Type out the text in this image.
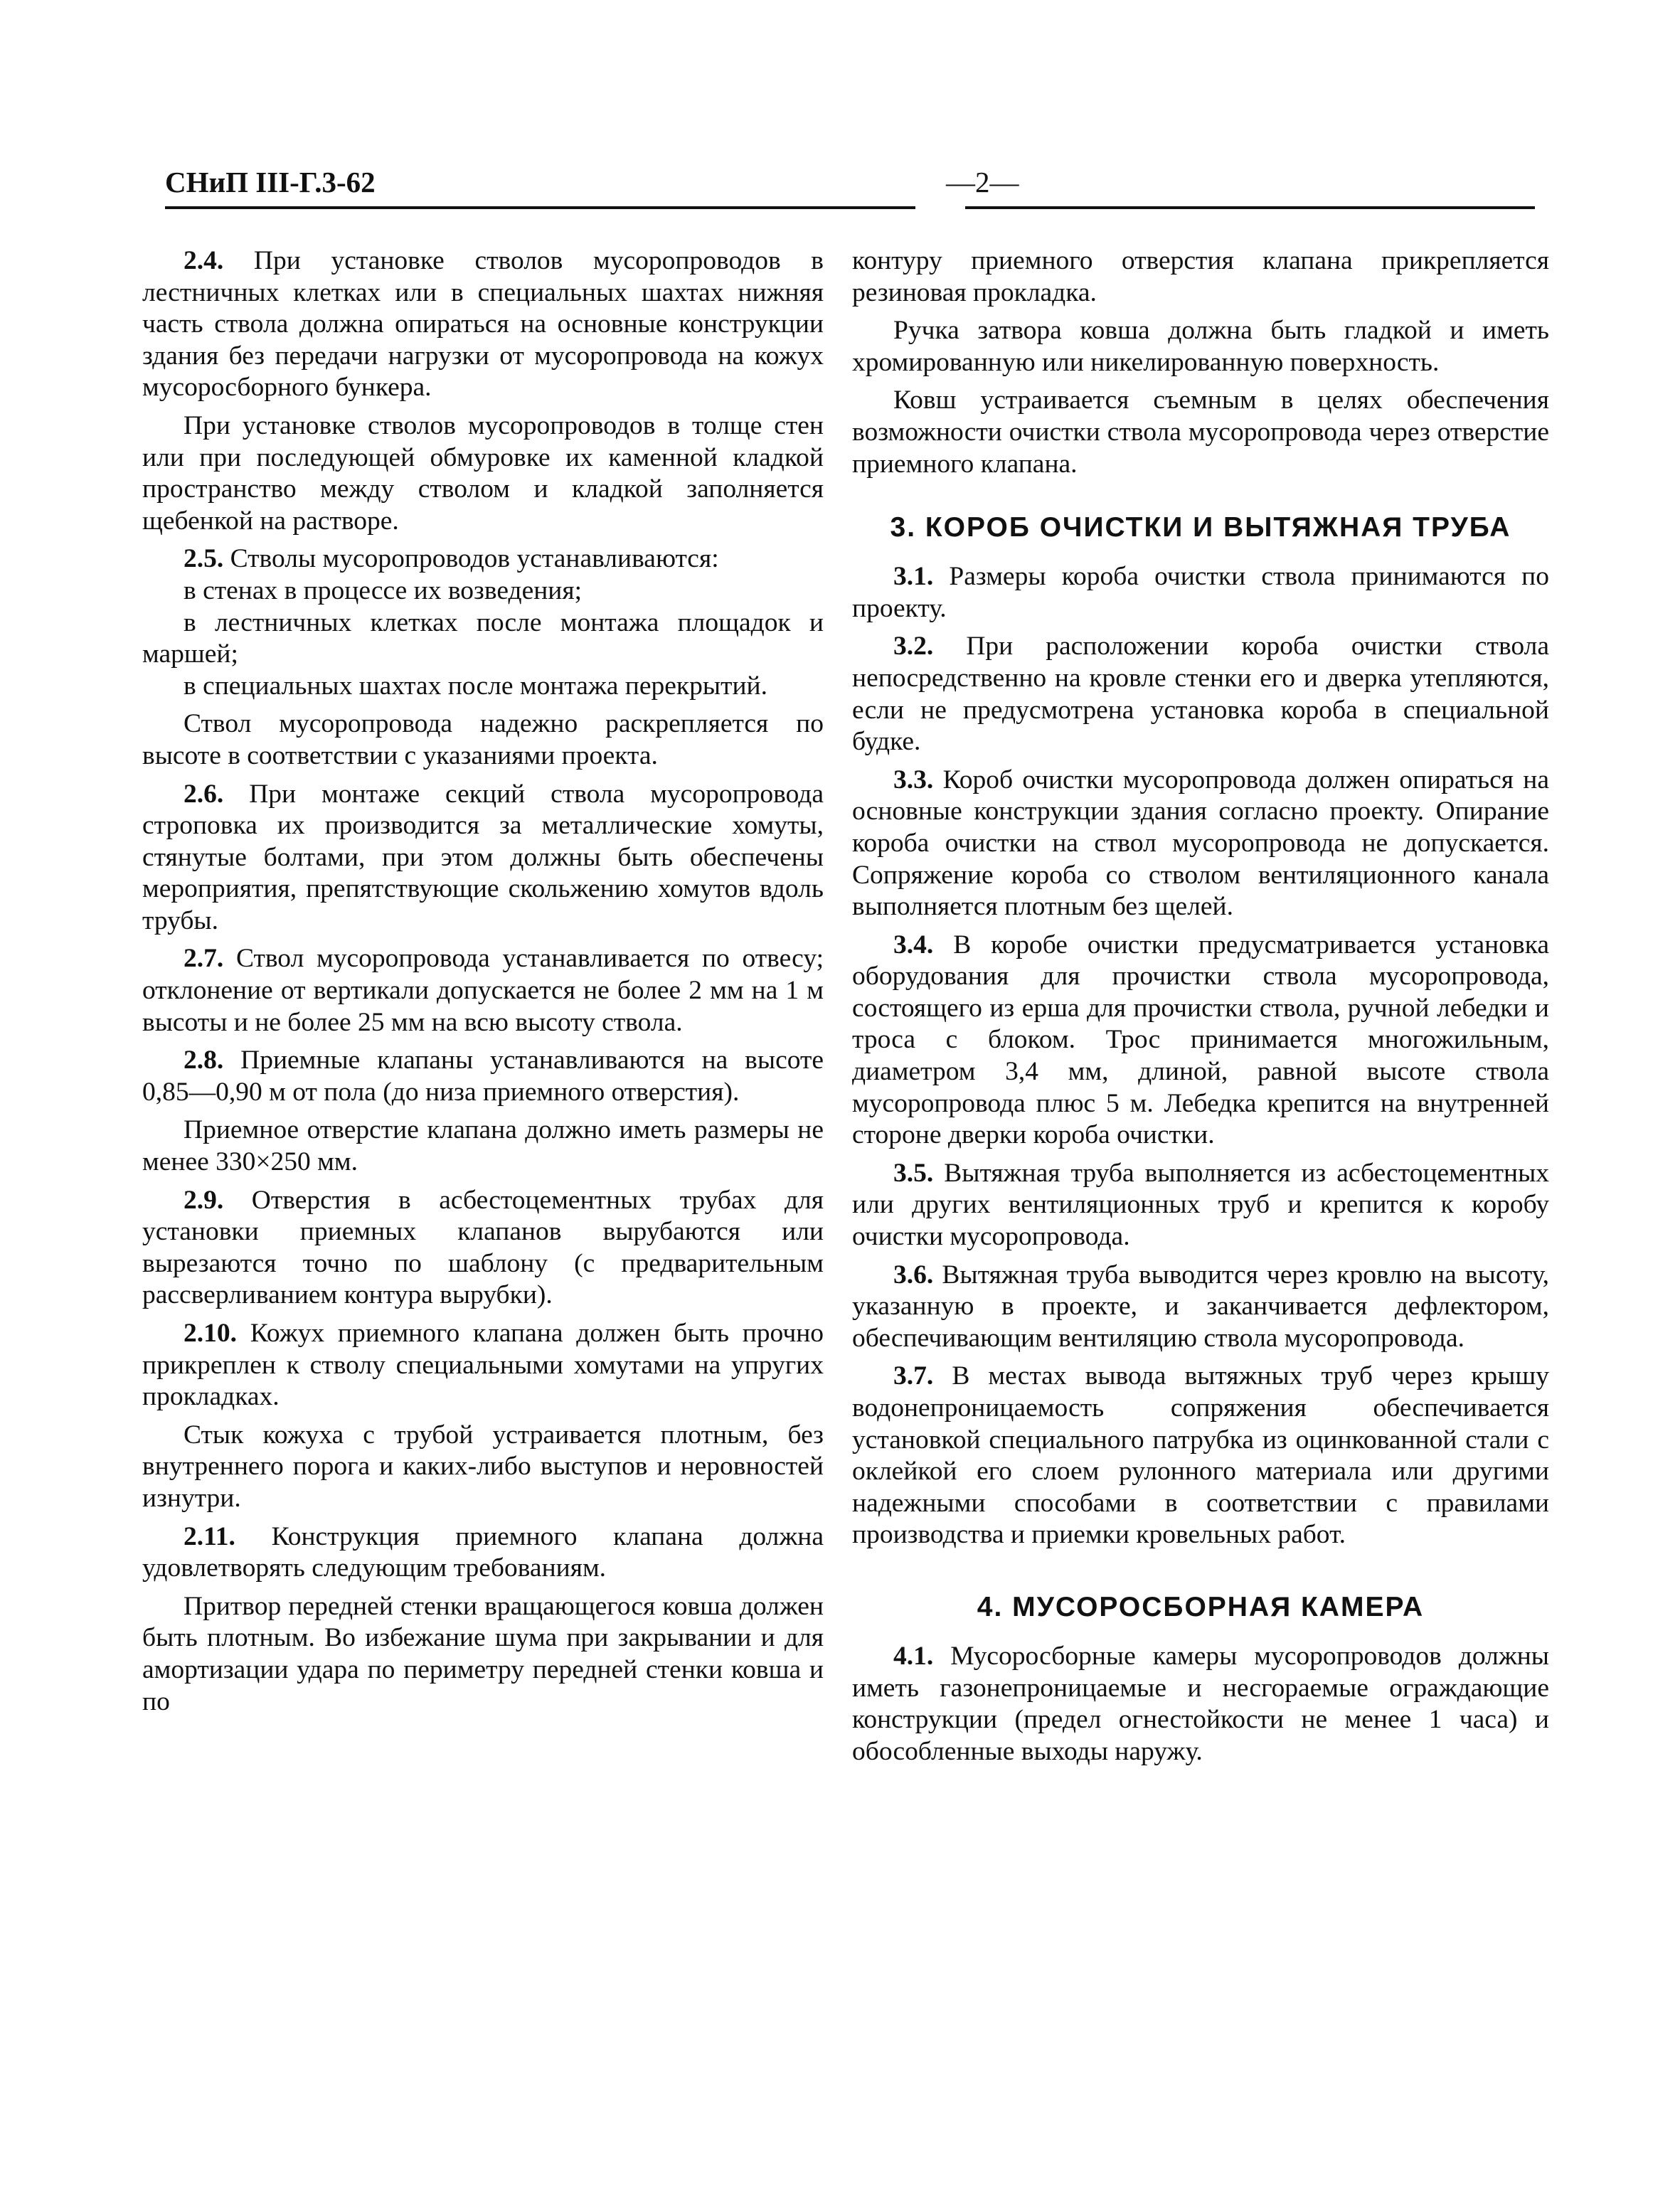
СНиП III-Г.3-62	—2—

2.4. При установке стволов мусоропроводов в лестничных клетках или в специальных шахтах нижняя часть ствола должна опираться на основные конструкции здания без передачи нагрузки от мусоропровода на кожух мусоросборного бункера.

При установке стволов мусоропроводов в толще стен или при последующей обмуровке их каменной кладкой пространство между стволом и кладкой заполняется щебенкой на растворе.

2.5. Стволы мусоропроводов устанавливаются:

в стенах в процессе их возведения;

в лестничных клетках после монтажа площадок и маршей;

в специальных шахтах после монтажа перекрытий.

Ствол мусоропровода надежно раскрепляется по высоте в соответствии с указаниями проекта.

2.6. При монтаже секций ствола мусоропровода строповка их производится за металлические хомуты, стянутые болтами, при этом должны быть обеспечены мероприятия, препятствующие скольжению хомутов вдоль трубы.

2.7. Ствол мусоропровода устанавливается по отвесу; отклонение от вертикали допускается не более 2 мм на 1 м высоты и не более 25 мм на всю высоту ствола.

2.8. Приемные клапаны устанавливаются на высоте 0,85—0,90 м от пола (до низа приемного отверстия).

Приемное отверстие клапана должно иметь размеры не менее 330×250 мм.

2.9. Отверстия в асбестоцементных трубах для установки приемных клапанов вырубаются или вырезаются точно по шаблону (с предварительным рассверливанием контура вырубки).

2.10. Кожух приемного клапана должен быть прочно прикреплен к стволу специальными хомутами на упругих прокладках.

Стык кожуха с трубой устраивается плотным, без внутреннего порога и каких-либо выступов и неровностей изнутри.

2.11. Конструкция приемного клапана должна удовлетворять следующим требованиям.

Притвор передней стенки вращающегося ковша должен быть плотным. Во избежание шума при закрывании и для амортизации удара по периметру передней стенки ковша и по

контуру приемного отверстия клапана прикрепляется резиновая прокладка.

Ручка затвора ковша должна быть гладкой и иметь хромированную или никелированную поверхность.

Ковш устраивается съемным в целях обеспечения возможности очистки ствола мусоропровода через отверстие приемного клапана.

3. КОРОБ ОЧИСТКИ И ВЫТЯЖНАЯ ТРУБА

3.1. Размеры короба очистки ствола принимаются по проекту.

3.2. При расположении короба очистки ствола непосредственно на кровле стенки его и дверка утепляются, если не предусмотрена установка короба в специальной будке.

3.3. Короб очистки мусоропровода должен опираться на основные конструкции здания согласно проекту. Опирание короба очистки на ствол мусоропровода не допускается. Сопряжение короба со стволом вентиляционного канала выполняется плотным без щелей.

3.4. В коробе очистки предусматривается установка оборудования для прочистки ствола мусоропровода, состоящего из ерша для прочистки ствола, ручной лебедки и троса с блоком. Трос принимается многожильным, диаметром 3,4 мм, длиной, равной высоте ствола мусоропровода плюс 5 м. Лебедка крепится на внутренней стороне дверки короба очистки.

3.5. Вытяжная труба выполняется из асбестоцементных или других вентиляционных труб и крепится к коробу очистки мусоропровода.

3.6. Вытяжная труба выводится через кровлю на высоту, указанную в проекте, и заканчивается дефлектором, обеспечивающим вентиляцию ствола мусоропровода.

3.7. В местах вывода вытяжных труб через крышу водонепроницаемость сопряжения обеспечивается установкой специального патрубка из оцинкованной стали с оклейкой его слоем рулонного материала или другими надежными способами в соответствии с правилами производства и приемки кровельных работ.

4. МУСОРОСБОРНАЯ КАМЕРА

4.1. Мусоросборные камеры мусоропроводов должны иметь газонепроницаемые и несгораемые ограждающие конструкции (предел огнестойкости не менее 1 часа) и обособленные выходы наружу.
